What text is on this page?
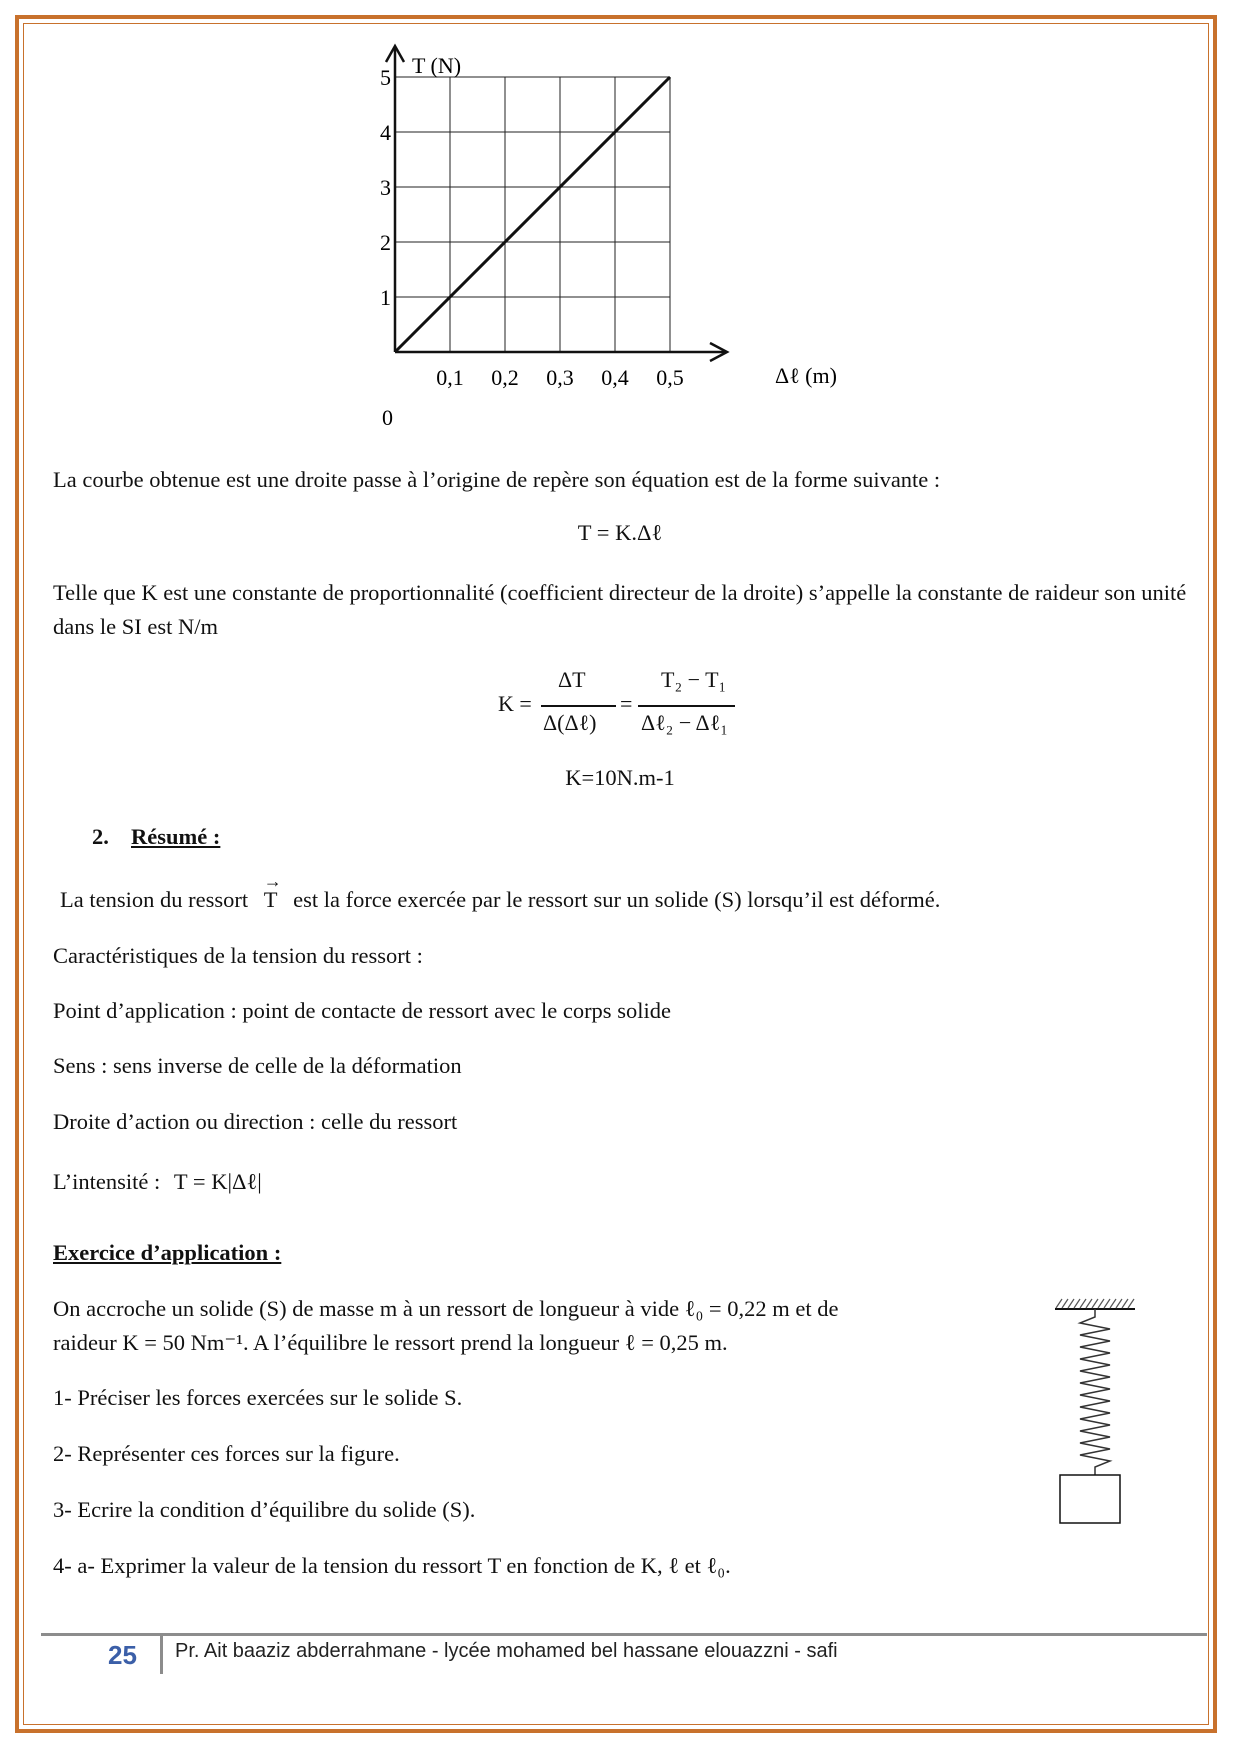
0,1 0,2 0,3 0,4 0,5
1
2
3
4
5 T (N)
Δℓ (m)
0
La courbe obtenue est une droite passe à l’origine de repère son équation est de la forme suivante :
T = K.Δℓ
Telle que K est une constante de proportionnalité (coefficient directeur de la droite) s’appelle la constante de raideur son unité dans le SI est N/m
K =
ΔT
Δ(Δℓ)
=
T₂ − T₁
Δℓ₂ − Δℓ₁
K=10N.m-1
2. Résumé :
La tension du ressort
→
T est la force exercée par le ressort sur un solide (S) lorsqu’il est déformé.
Caractéristiques de la tension du ressort :
Point d’application : point de contacte de ressort avec le corps solide
Sens : sens inverse de celle de la déformation
Droite d’action ou direction : celle du ressort
L’intensité : T = K|Δℓ|
Exercice d’application :
On accroche un solide (S) de masse m à un ressort de longueur à vide ℓ₀ = 0,22 m et de
raideur K = 50 Nm⁻¹. A l’équilibre le ressort prend la longueur ℓ = 0,25 m.
1- Préciser les forces exercées sur le solide S.
2- Représenter ces forces sur la figure.
3- Ecrire la condition d’équilibre du solide (S).
4- a- Exprimer la valeur de la tension du ressort T en fonction de K, ℓ et ℓ₀.
25 Pr. Ait baaziz abderrahmane - lycée mohamed bel hassane elouazzni - safi
